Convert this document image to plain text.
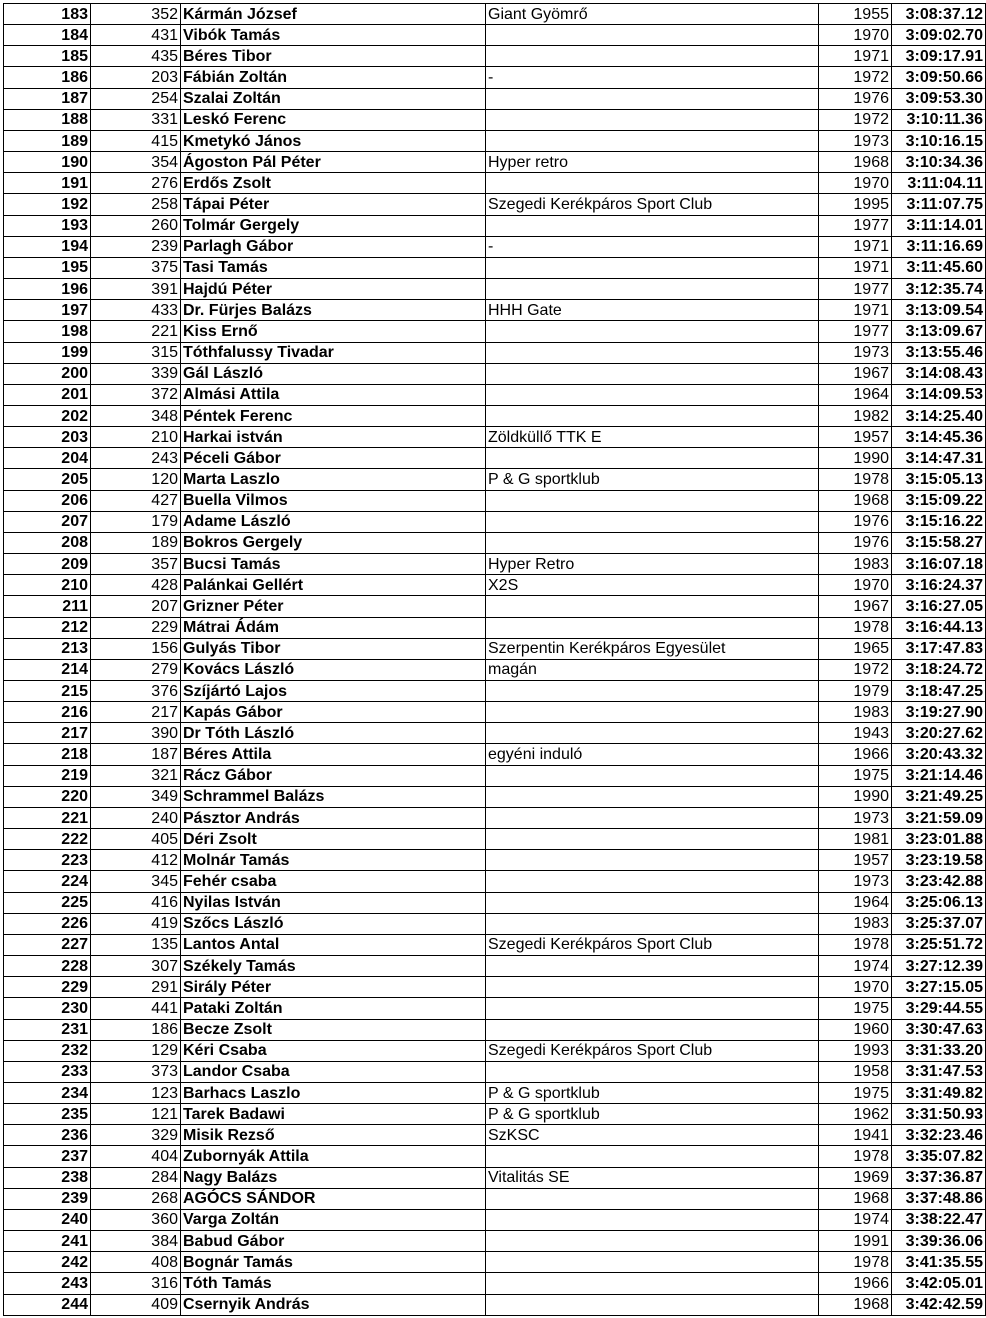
183	352	Kármán József	Giant Gyömrő	1955	3:08:37.12
184	431	Vibók Tamás		1970	3:09:02.70
185	435	Béres Tibor		1971	3:09:17.91
186	203	Fábián Zoltán	-	1972	3:09:50.66
187	254	Szalai Zoltán		1976	3:09:53.30
188	331	Leskó Ferenc		1972	3:10:11.36
189	415	Kmetykó János		1973	3:10:16.15
190	354	Ágoston Pál Péter	Hyper retro	1968	3:10:34.36
191	276	Erdős Zsolt		1970	3:11:04.11
192	258	Tápai Péter	Szegedi Kerékpáros Sport Club	1995	3:11:07.75
193	260	Tolmár Gergely		1977	3:11:14.01
194	239	Parlagh Gábor	-	1971	3:11:16.69
195	375	Tasi Tamás		1971	3:11:45.60
196	391	Hajdú Péter		1977	3:12:35.74
197	433	Dr. Fürjes Balázs	HHH Gate	1971	3:13:09.54
198	221	Kiss Ernő		1977	3:13:09.67
199	315	Tóthfalussy Tivadar		1973	3:13:55.46
200	339	Gál László		1967	3:14:08.43
201	372	Almási Attila		1964	3:14:09.53
202	348	Péntek Ferenc		1982	3:14:25.40
203	210	Harkai istván	Zöldküllő TTK E	1957	3:14:45.36
204	243	Péceli Gábor		1990	3:14:47.31
205	120	Marta Laszlo	P & G sportklub	1978	3:15:05.13
206	427	Buella Vilmos		1968	3:15:09.22
207	179	Adame László		1976	3:15:16.22
208	189	Bokros Gergely		1976	3:15:58.27
209	357	Bucsi Tamás	Hyper Retro	1983	3:16:07.18
210	428	Palánkai Gellért	X2S	1970	3:16:24.37
211	207	Grizner Péter		1967	3:16:27.05
212	229	Mátrai Ádám		1978	3:16:44.13
213	156	Gulyás Tibor	Szerpentin Kerékpáros Egyesület	1965	3:17:47.83
214	279	Kovács László	magán	1972	3:18:24.72
215	376	Szíjártó Lajos		1979	3:18:47.25
216	217	Kapás Gábor		1983	3:19:27.90
217	390	Dr Tóth László		1943	3:20:27.62
218	187	Béres Attila	egyéni induló	1966	3:20:43.32
219	321	Rácz Gábor		1975	3:21:14.46
220	349	Schrammel Balázs		1990	3:21:49.25
221	240	Pásztor András		1973	3:21:59.09
222	405	Déri Zsolt		1981	3:23:01.88
223	412	Molnár Tamás		1957	3:23:19.58
224	345	Fehér csaba		1973	3:23:42.88
225	416	Nyilas István		1964	3:25:06.13
226	419	Szőcs László		1983	3:25:37.07
227	135	Lantos Antal	Szegedi Kerékpáros Sport Club	1978	3:25:51.72
228	307	Székely Tamás		1974	3:27:12.39
229	291	Sirály Péter		1970	3:27:15.05
230	441	Pataki Zoltán		1975	3:29:44.55
231	186	Becze Zsolt		1960	3:30:47.63
232	129	Kéri Csaba	Szegedi Kerékpáros Sport Club	1993	3:31:33.20
233	373	Landor Csaba		1958	3:31:47.53
234	123	Barhacs Laszlo	P & G sportklub	1975	3:31:49.82
235	121	Tarek Badawi	P & G sportklub	1962	3:31:50.93
236	329	Misik Rezső	SzKSC	1941	3:32:23.46
237	404	Zubornyák Attila		1978	3:35:07.82
238	284	Nagy Balázs	Vitalitás SE	1969	3:37:36.87
239	268	AGÓCS SÁNDOR		1968	3:37:48.86
240	360	Varga Zoltán		1974	3:38:22.47
241	384	Babud Gábor		1991	3:39:36.06
242	408	Bognár Tamás		1978	3:41:35.55
243	316	Tóth Tamás		1966	3:42:05.01
244	409	Csernyik András		1968	3:42:42.59
